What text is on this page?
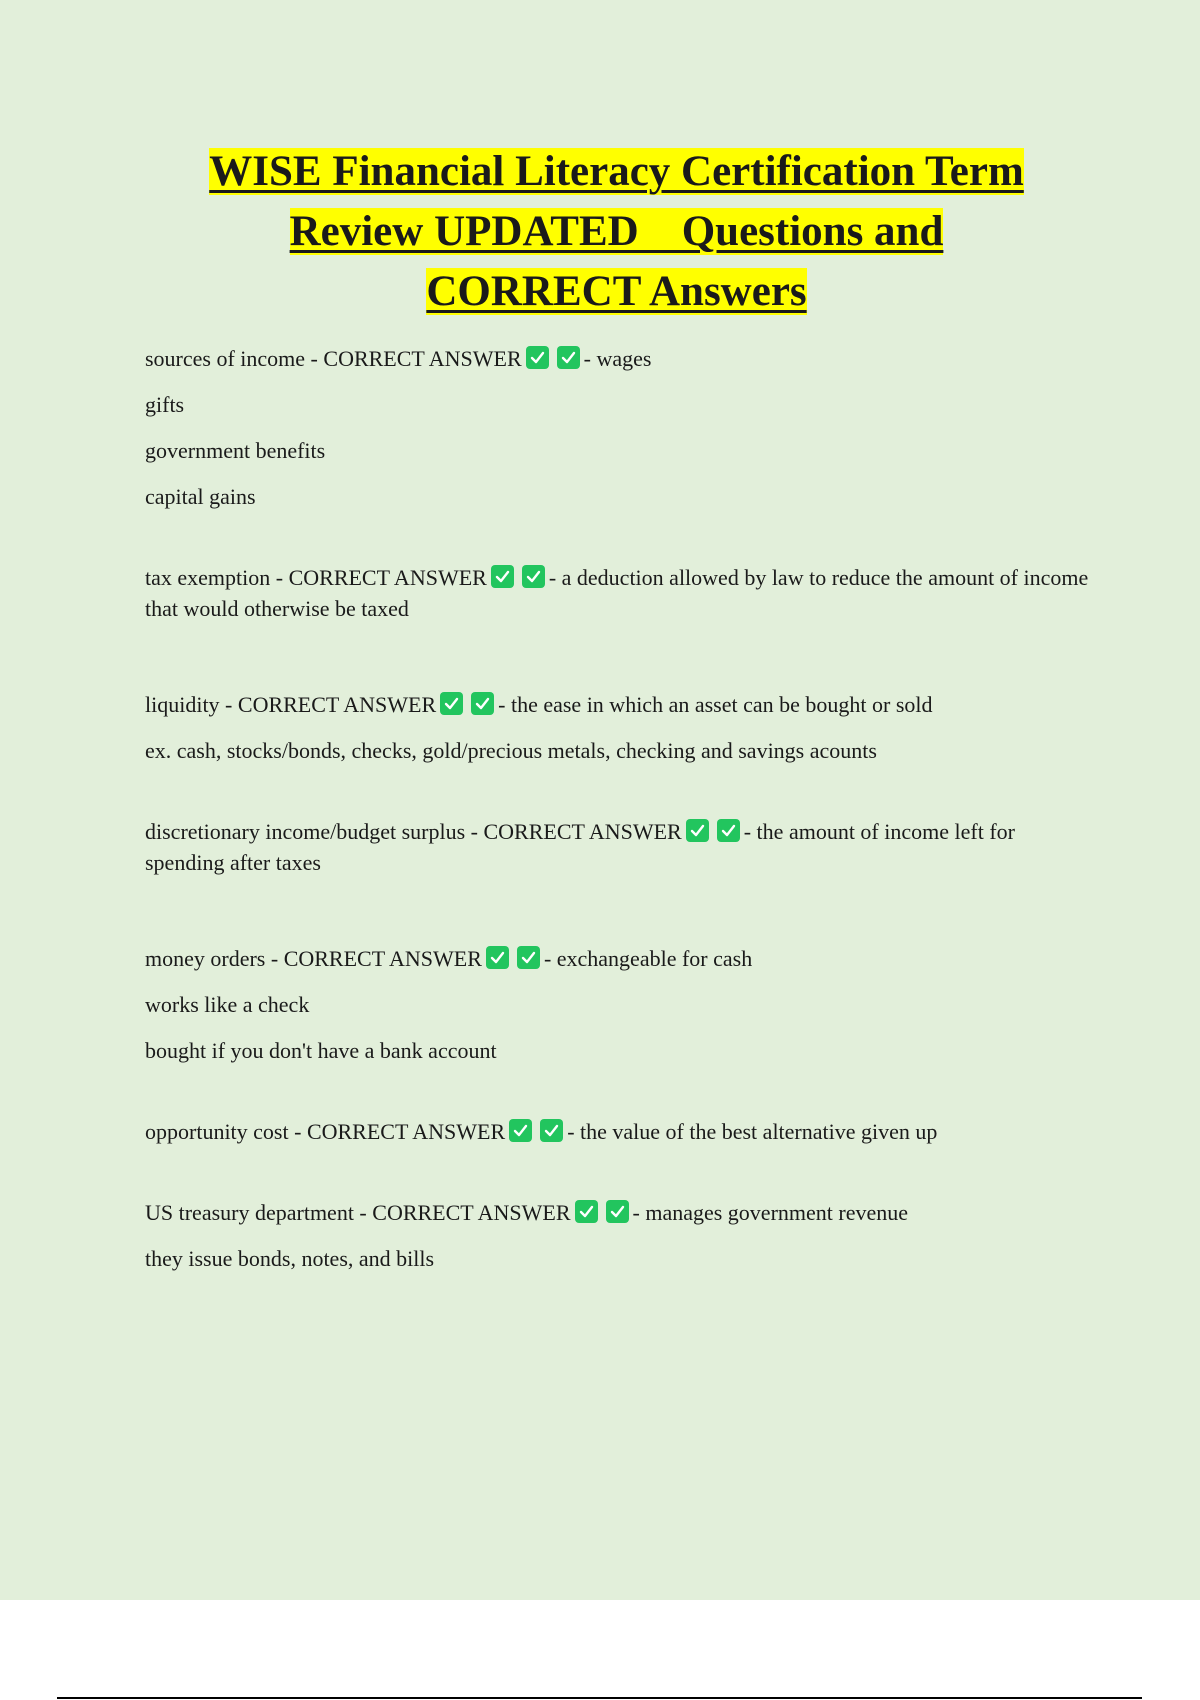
WISE Financial Literacy Certification Term
Review UPDATED    Questions and
CORRECT Answers
sources of income - CORRECT ANSWER	- wages
gifts
government benefits
capital gains
tax exemption - CORRECT ANSWER	- a deduction allowed by law to reduce the amount of income that would otherwise be taxed
liquidity - CORRECT ANSWER	- the ease in which an asset can be bought or sold
ex. cash, stocks/bonds, checks, gold/precious metals, checking and savings acounts
discretionary income/budget surplus - CORRECT ANSWER	- the amount of income left for spending after taxes
money orders - CORRECT ANSWER	- exchangeable for cash
works like a check
bought if you don't have a bank account
opportunity cost - CORRECT ANSWER	- the value of the best alternative given up
US treasury department - CORRECT ANSWER	- manages government revenue
they issue bonds, notes, and bills
